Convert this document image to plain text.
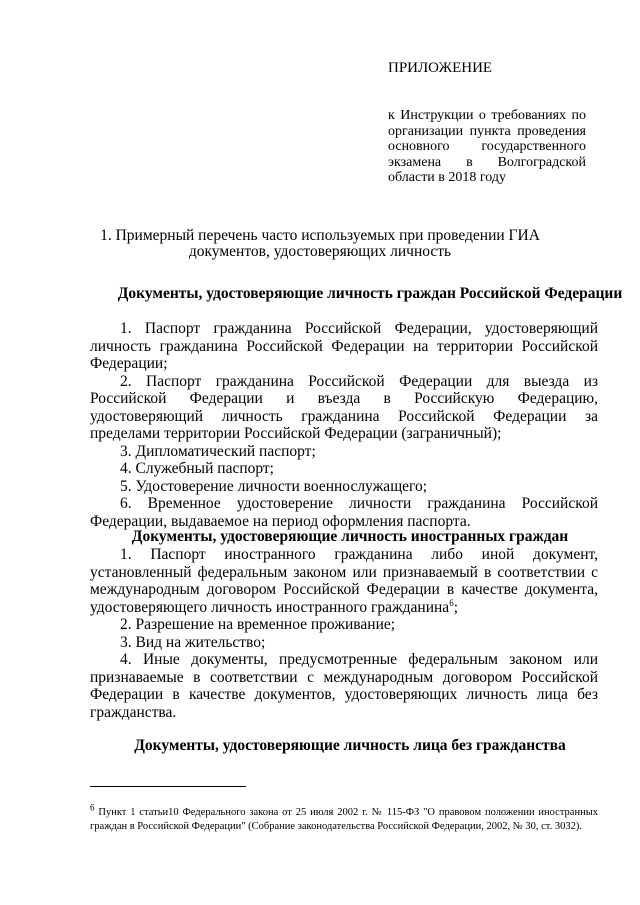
ПРИЛОЖЕНИЕ
к Инструкции о требованиях по организации пункта проведения основного государственного экзамена в Волгоградской области в 2018 году
1. Примерный перечень часто используемых при проведении ГИА документов, удостоверяющих личность
Документы, удостоверяющие личность граждан Российской Федерации

1. Паспорт гражданина Российской Федерации, удостоверяющий личность гражданина Российской Федерации на территории Российской Федерации;

2. Паспорт гражданина Российской Федерации для выезда из Российской Федерации и въезда в Российскую Федерацию, удостоверяющий личность гражданина Российской Федерации за пределами территории Российской Федерации (заграничный);

3. Дипломатический паспорт;

4. Служебный паспорт;

5. Удостоверение личности военнослужащего;

6. Временное удостоверение личности гражданина Российской Федерации, выдаваемое на период оформления паспорта.

Документы, удостоверяющие личность иностранных граждан

1. Паспорт иностранного гражданина либо иной документ, установленный федеральным законом или признаваемый в соответствии с международным договором Российской Федерации в качестве документа, удостоверяющего личность иностранного гражданина$^6$;

2. Разрешение на временное проживание;

3. Вид на жительство;

4. Иные документы, предусмотренные федеральным законом или признаваемые в соответствии с международным договором Российской Федерации в качестве документов, удостоверяющих личность лица без гражданства.

Документы, удостоверяющие личность лица без гражданства
6 Пункт 1 статьи10 Федерального закона от 25 июля 2002 г. № 115-ФЗ "О правовом положении иностранных граждан в Российской Федерации" (Собрание законодательства Российской Федерации, 2002, № 30, ст. 3032).
